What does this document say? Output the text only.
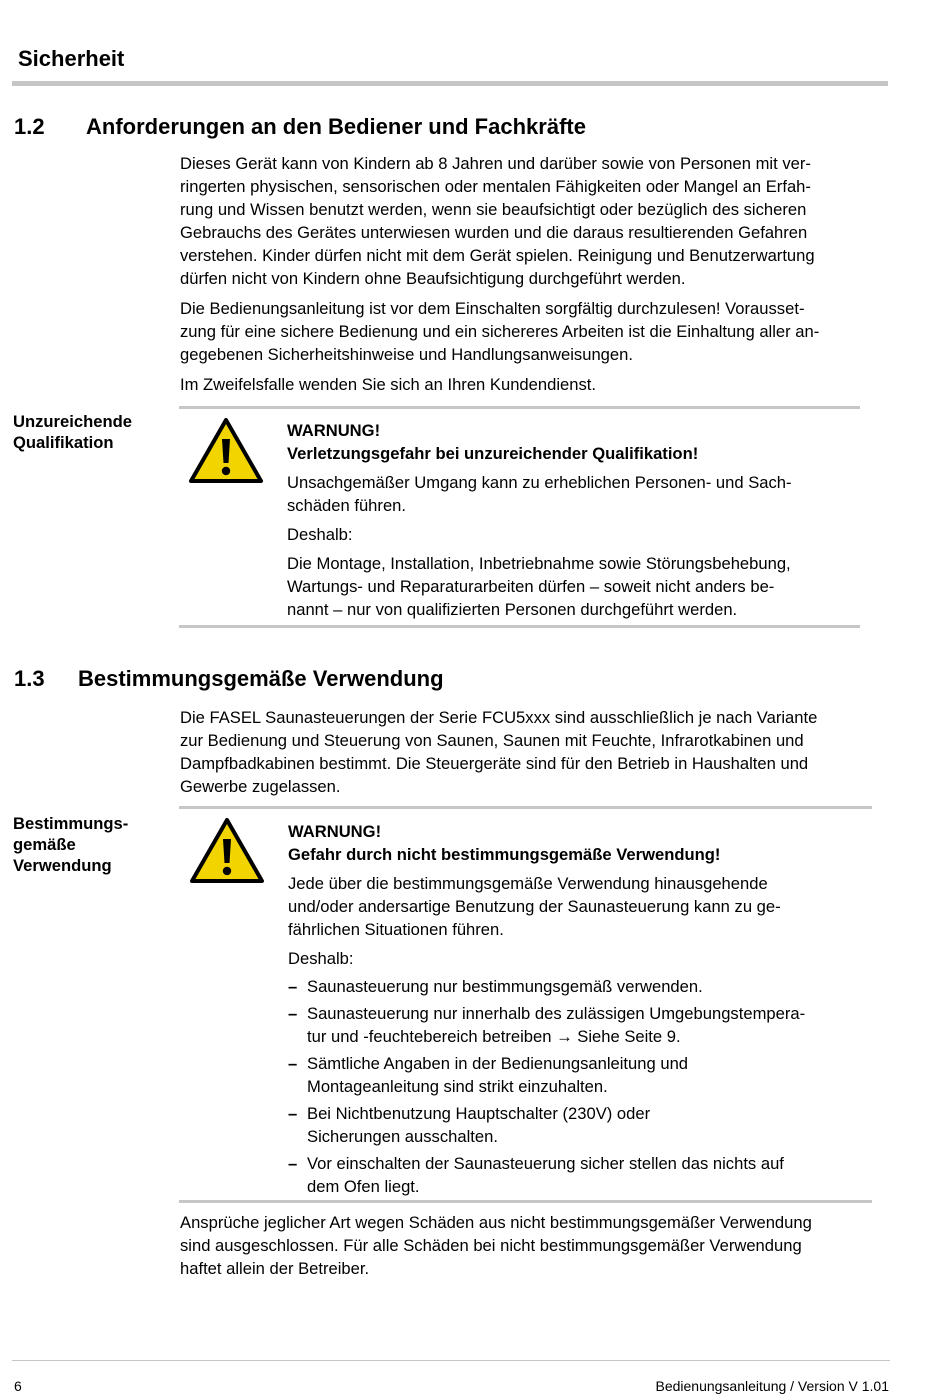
Sicherheit
1.2 Anforderungen an den Bediener und Fachkräfte
Dieses Gerät kann von Kindern ab 8 Jahren und darüber sowie von Personen mit ver-
ringerten physischen, sensorischen oder mentalen Fähigkeiten oder Mangel an Erfah-
rung und Wissen benutzt werden, wenn sie beaufsichtigt oder bezüglich des sicheren
Gebrauchs des Gerätes unterwiesen wurden und die daraus resultierenden Gefahren
verstehen. Kinder dürfen nicht mit dem Gerät spielen. Reinigung und Benutzerwartung
dürfen nicht von Kindern ohne Beaufsichtigung durchgeführt werden.
Die Bedienungsanleitung ist vor dem Einschalten sorgfältig durchzulesen! Vorausset-
zung für eine sichere Bedienung und ein sichereres Arbeiten ist die Einhaltung aller an-
gegebenen Sicherheitshinweise und Handlungsanweisungen.
Im Zweifelsfalle wenden Sie sich an Ihren Kundendienst.
Unzureichende
Qualifikation
WARNUNG!
Verletzungsgefahr bei unzureichender Qualifikation!
Unsachgemäßer Umgang kann zu erheblichen Personen- und Sach-
schäden führen.
Deshalb:
Die Montage, Installation, Inbetriebnahme sowie Störungsbehebung,
Wartungs- und Reparaturarbeiten dürfen – soweit nicht anders be-
nannt – nur von qualifizierten Personen durchgeführt werden.
1.3 Bestimmungsgemäße Verwendung
Die FASEL Saunasteuerungen der Serie FCU5xxx sind ausschließlich je nach Variante
zur Bedienung und Steuerung von Saunen, Saunen mit Feuchte, Infrarotkabinen und
Dampfbadkabinen bestimmt. Die Steuergeräte sind für den Betrieb in Haushalten und
Gewerbe zugelassen.
Bestimmungs-
gemäße
Verwendung
WARNUNG!
Gefahr durch nicht bestimmungsgemäße Verwendung!
Jede über die bestimmungsgemäße Verwendung hinausgehende
und/oder andersartige Benutzung der Saunasteuerung kann zu ge-
fährlichen Situationen führen.
Deshalb:
– Saunasteuerung nur bestimmungsgemäß verwenden.
– Saunasteuerung nur innerhalb des zulässigen Umgebungstempera-
tur und -feuchtebereich betreiben → Siehe Seite 9.
– Sämtliche Angaben in der Bedienungsanleitung und
Montageanleitung sind strikt einzuhalten.
– Bei Nichtbenutzung Hauptschalter (230V) oder
Sicherungen ausschalten.
– Vor einschalten der Saunasteuerung sicher stellen das nichts auf
dem Ofen liegt.
Ansprüche jeglicher Art wegen Schäden aus nicht bestimmungsgemäßer Verwendung
sind ausgeschlossen. Für alle Schäden bei nicht bestimmungsgemäßer Verwendung
haftet allein der Betreiber.
6	Bedienungsanleitung / Version V 1.01
